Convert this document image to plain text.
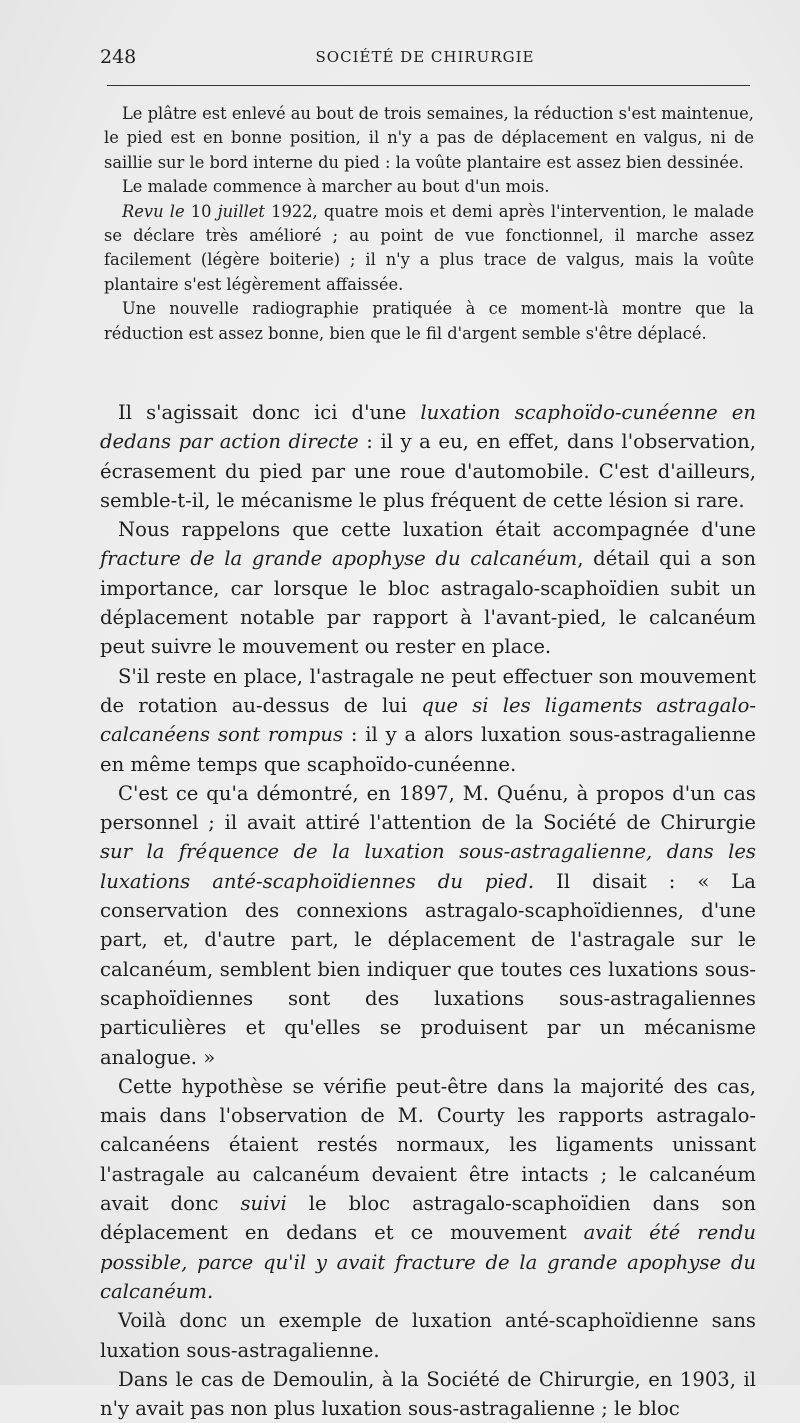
248	SOCIÉTÉ DE CHIRURGIE

Le plâtre est enlevé au bout de trois semaines, la réduction s'est maintenue, le pied est en bonne position, il n'y a pas de déplacement en valgus, ni de saillie sur le bord interne du pied : la voûte plantaire est assez bien dessinée.

Le malade commence à marcher au bout d'un mois.

Revu le 10 juillet 1922, quatre mois et demi après l'intervention, le malade se déclare très amélioré ; au point de vue fonctionnel, il marche assez facilement (légère boiterie) ; il n'y a plus trace de valgus, mais la voûte plantaire s'est légèrement affaissée.

Une nouvelle radiographie pratiquée à ce moment-là montre que la réduction est assez bonne, bien que le fil d'argent semble s'être déplacé.

Il s'agissait donc ici d'une luxation scaphoïdo-cunéenne en dedans par action directe : il y a eu, en effet, dans l'observation, écrasement du pied par une roue d'automobile. C'est d'ailleurs, semble-t-il, le mécanisme le plus fréquent de cette lésion si rare.

Nous rappelons que cette luxation était accompagnée d'une fracture de la grande apophyse du calcanéum, détail qui a son importance, car lorsque le bloc astragalo-scaphoïdien subit un déplacement notable par rapport à l'avant-pied, le calcanéum peut suivre le mouvement ou rester en place.

S'il reste en place, l'astragale ne peut effectuer son mouvement de rotation au-dessus de lui que si les ligaments astragalo-calcanéens sont rompus : il y a alors luxation sous-astragalienne en même temps que scaphoïdo-cunéenne.

C'est ce qu'a démontré, en 1897, M. Quénu, à propos d'un cas personnel ; il avait attiré l'attention de la Société de Chirurgie sur la fréquence de la luxation sous-astragalienne, dans les luxations anté-scaphoïdiennes du pied. Il disait : « La conservation des connexions astragalo-scaphoïdiennes, d'une part, et, d'autre part, le déplacement de l'astragale sur le calcanéum, semblent bien indiquer que toutes ces luxations sous-scaphoïdiennes sont des luxations sous-astragaliennes particulières et qu'elles se produisent par un mécanisme analogue. »

Cette hypothèse se vérifie peut-être dans la majorité des cas, mais dans l'observation de M. Courty les rapports astragalo-calcanéens étaient restés normaux, les ligaments unissant l'astragale au calcanéum devaient être intacts ; le calcanéum avait donc suivi le bloc astragalo-scaphoïdien dans son déplacement en dedans et ce mouvement avait été rendu possible, parce qu'il y avait fracture de la grande apophyse du calcanéum.

Voilà donc un exemple de luxation anté-scaphoïdienne sans luxation sous-astragalienne.

Dans le cas de Demoulin, à la Société de Chirurgie, en 1903, il n'y avait pas non plus luxation sous-astragalienne ; le bloc
